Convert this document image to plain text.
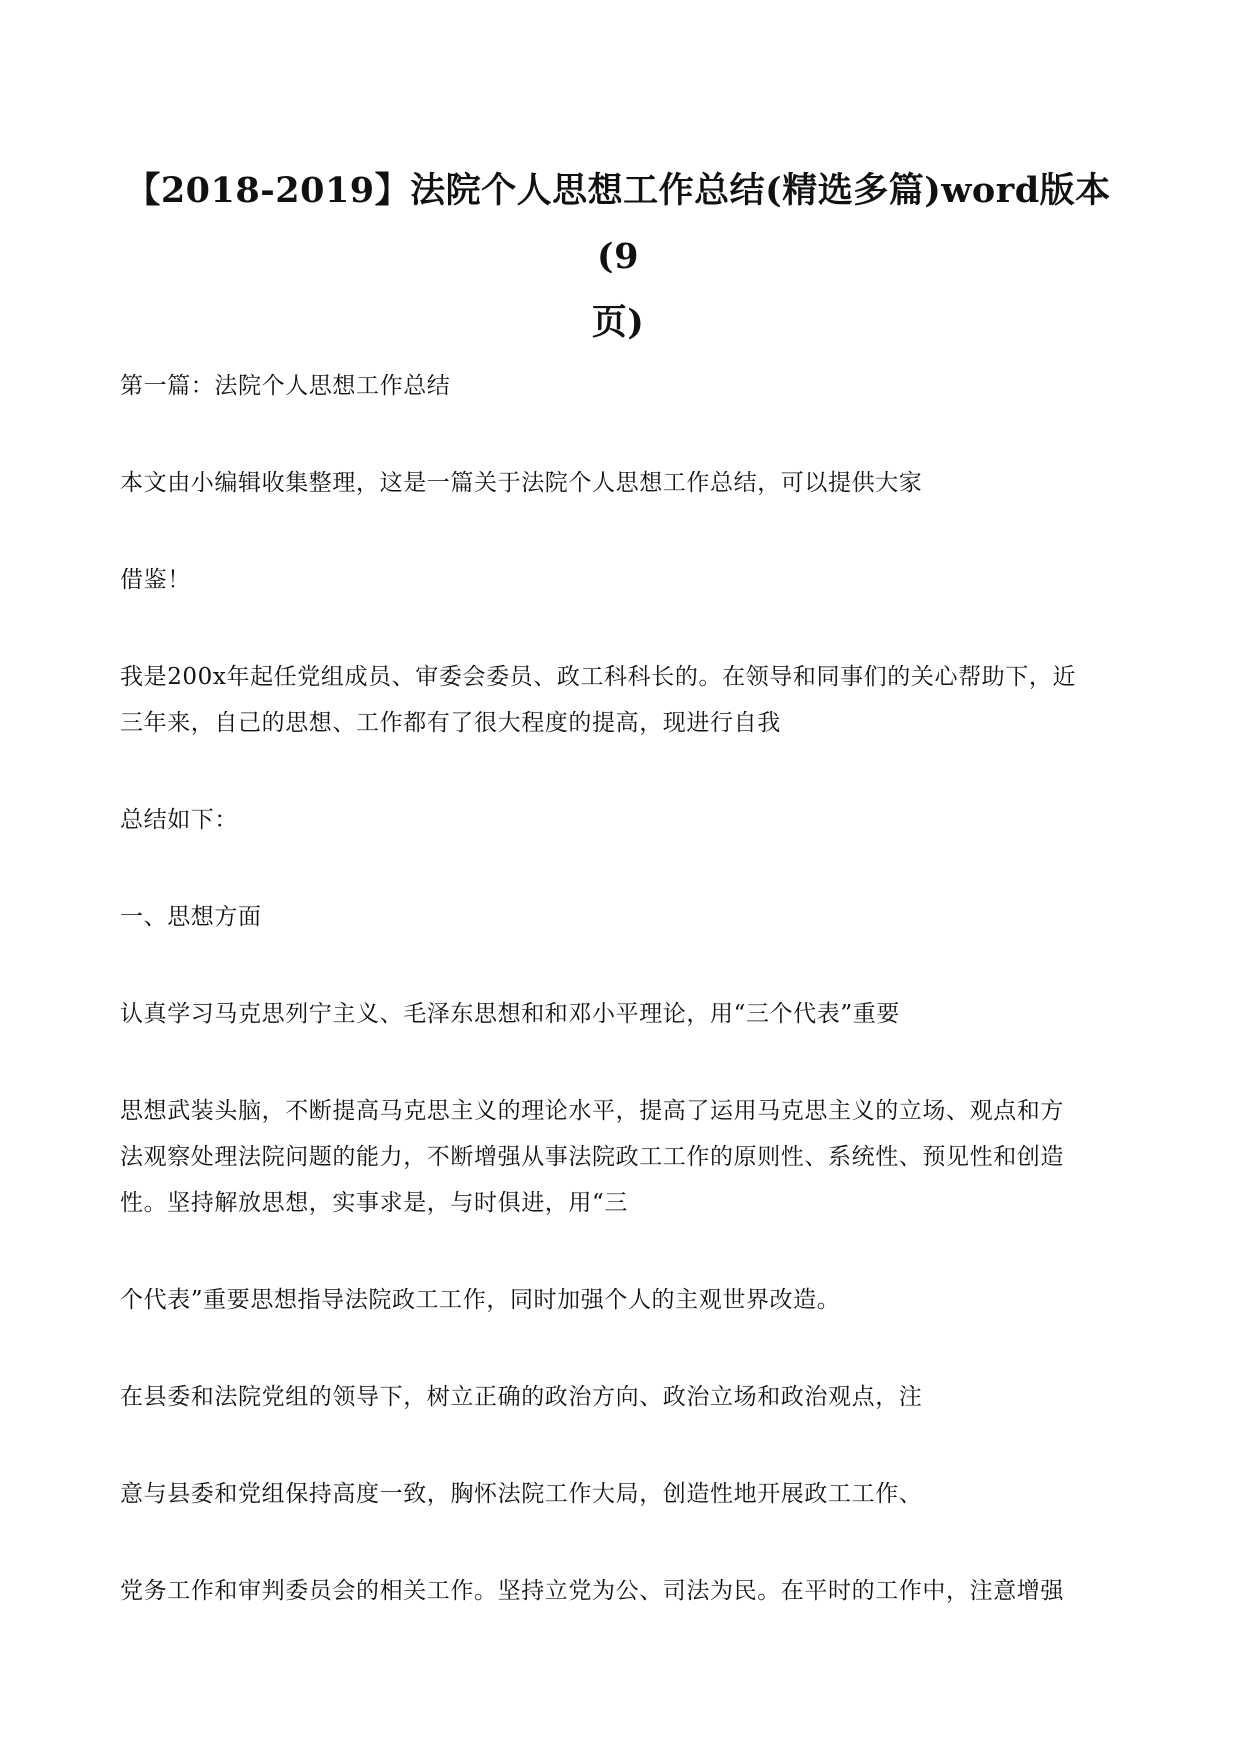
【2018-2019】法院个人思想工作总结(精选多篇)word版本 (9
页)

第一篇：法院个人思想工作总结

本文由小编辑收集整理，这是一篇关于法院个人思想工作总结，可以提供大家

借鉴！

我是200x年起任党组成员、审委会委员、政工科科长的。在领导和同事们的关心帮助下，近

三年来，自己的思想、工作都有了很大程度的提高，现进行自我

总结如下：

一、思想方面

认真学习马克思列宁主义、毛泽东思想和和邓小平理论，用“三个代表”重要

思想武装头脑，不断提高马克思主义的理论水平，提高了运用马克思主义的立场、观点和方

法观察处理法院问题的能力，不断增强从事法院政工工作的原则性、系统性、预见性和创造

性。坚持解放思想，实事求是，与时俱进，用“三

个代表”重要思想指导法院政工工作，同时加强个人的主观世界改造。

在县委和法院党组的领导下，树立正确的政治方向、政治立场和政治观点，注

意与县委和党组保持高度一致，胸怀法院工作大局，创造性地开展政工工作、

党务工作和审判委员会的相关工作。坚持立党为公、司法为民。在平时的工作中，注意增强
